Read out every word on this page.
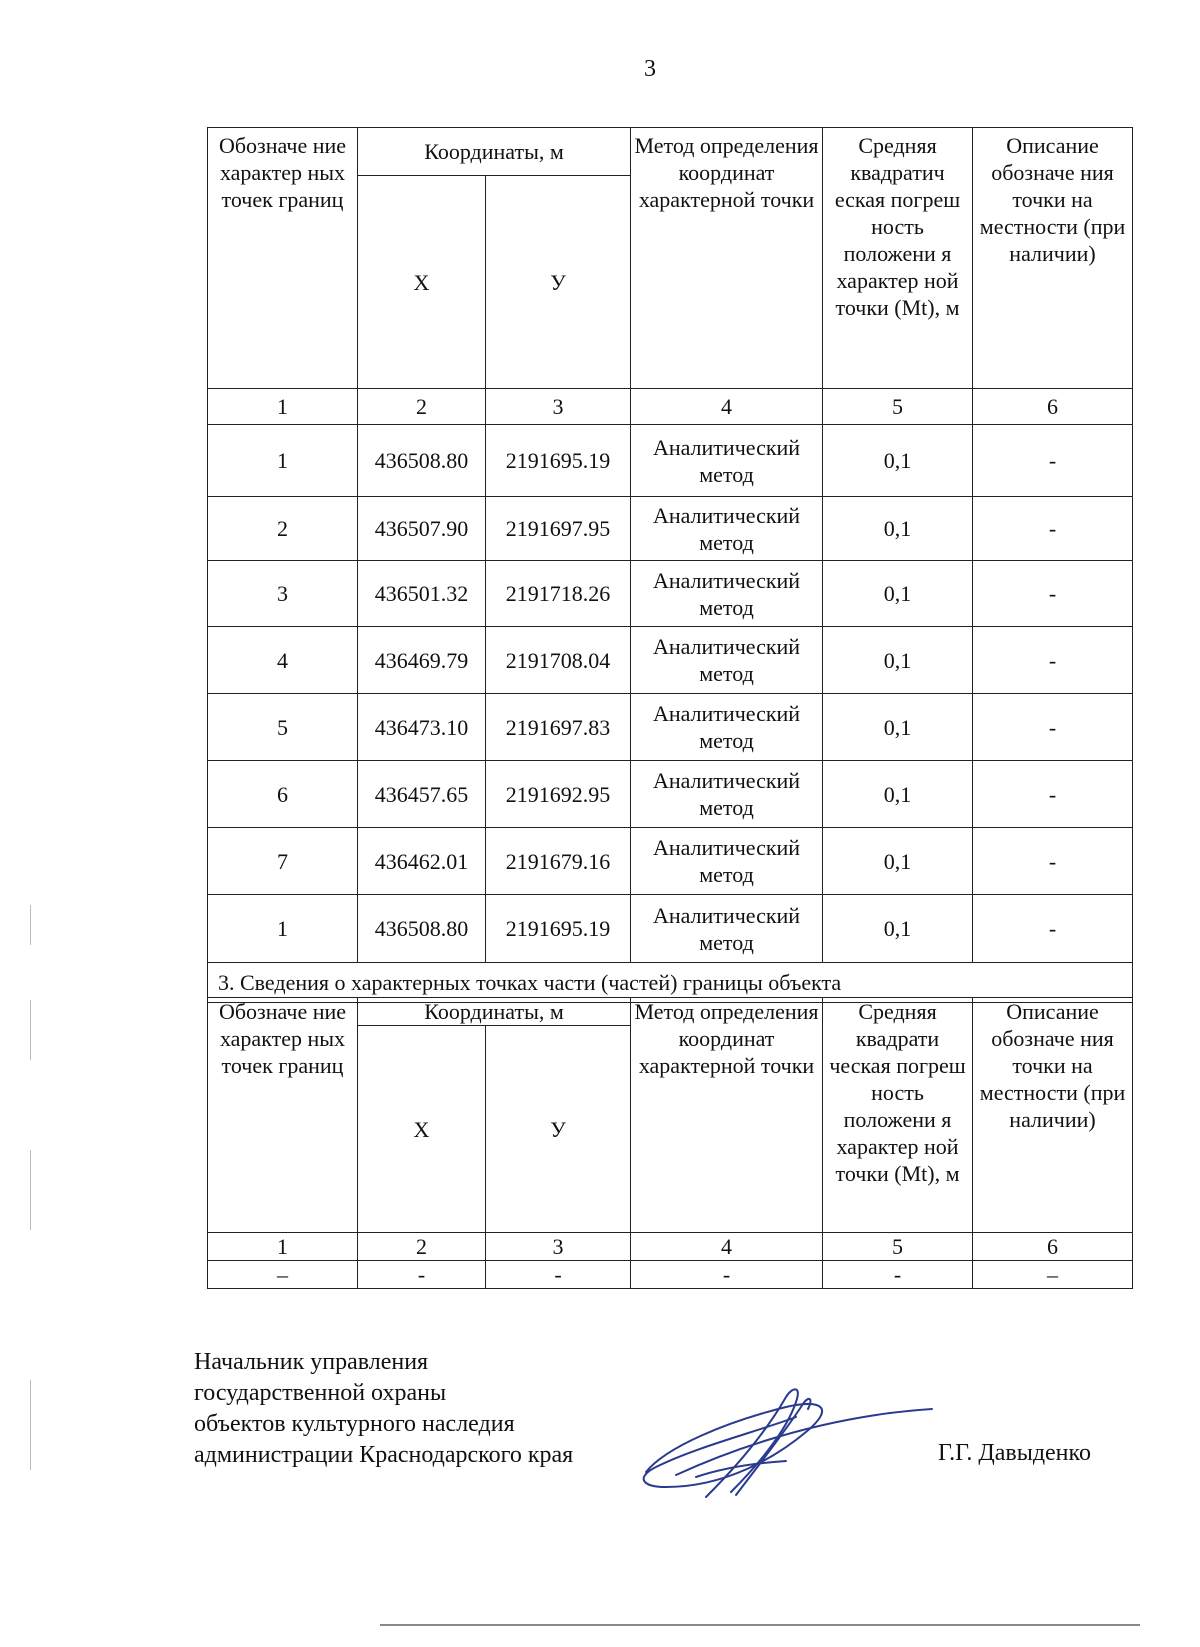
3
Обозначе ние характер ных точек границ	Координаты, м		Метод определения координат характерной точки	Средняя квадратич еская погреш ность положени я характер ной точки (Mt), м	Описание обозначе ния точки на местности (при наличии)
	X	У			
1	2	3	4	5	6
1	436508.80	2191695.19	Аналитический метод	0,1	-
2	436507.90	2191697.95	Аналитический метод	0,1	-
3	436501.32	2191718.26	Аналитический метод	0,1	-
4	436469.79	2191708.04	Аналитический метод	0,1	-
5	436473.10	2191697.83	Аналитический метод	0,1	-
6	436457.65	2191692.95	Аналитический метод	0,1	-
7	436462.01	2191679.16	Аналитический метод	0,1	-
1	436508.80	2191695.19	Аналитический метод	0,1	-
3. Сведения о характерных точках части (частей) границы объекта					
Обозначе ние характер ных точек границ	Координаты, м		Метод определения координат характерной точки	Средняя квадрати ческая погреш ность положени я характер ной точки (Mt), м	Описание обозначе ния точки на местности (при наличии)
	X	У			
1	2	3	4	5	6
–	-	-	-	-	–
Начальник управления
государственной охраны
объектов культурного наследия
администрации Краснодарского края	Г.Г. Давыденко
